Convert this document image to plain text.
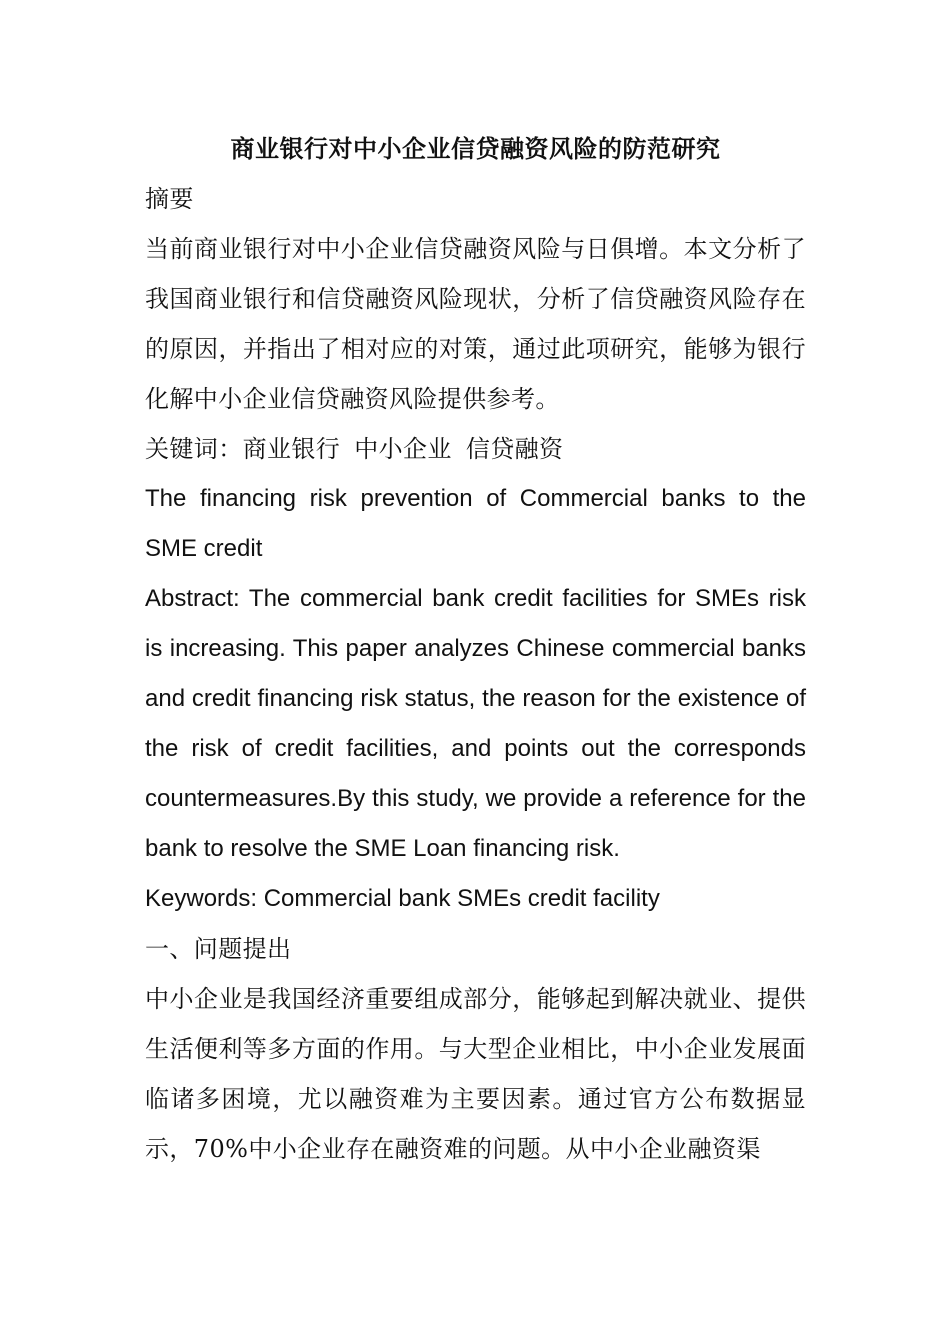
商业银行对中小企业信贷融资风险的防范研究

摘要

当前商业银行对中小企业信贷融资风险与日俱增。本文分析了我国商业银行和信贷融资风险现状，分析了信贷融资风险存在的原因，并指出了相对应的对策，通过此项研究，能够为银行化解中小企业信贷融资风险提供参考。

关键词：商业银行 中小企业 信贷融资

The financing risk prevention of Commercial banks to the SME credit

Abstract: The commercial bank credit facilities for SMEs risk is increasing. This paper analyzes Chinese commercial banks and credit financing risk status, the reason for the existence of the risk of credit facilities, and points out the corresponds countermeasures.By this study, we provide a reference for the bank to resolve the SME Loan financing risk.

Keywords: Commercial bank SMEs credit facility

一、问题提出

中小企业是我国经济重要组成部分，能够起到解决就业、提供生活便利等多方面的作用。与大型企业相比，中小企业发展面临诸多困境，尤以融资难为主要因素。通过官方公布数据显示，70%中小企业存在融资难的问题。从中小企业融资渠
